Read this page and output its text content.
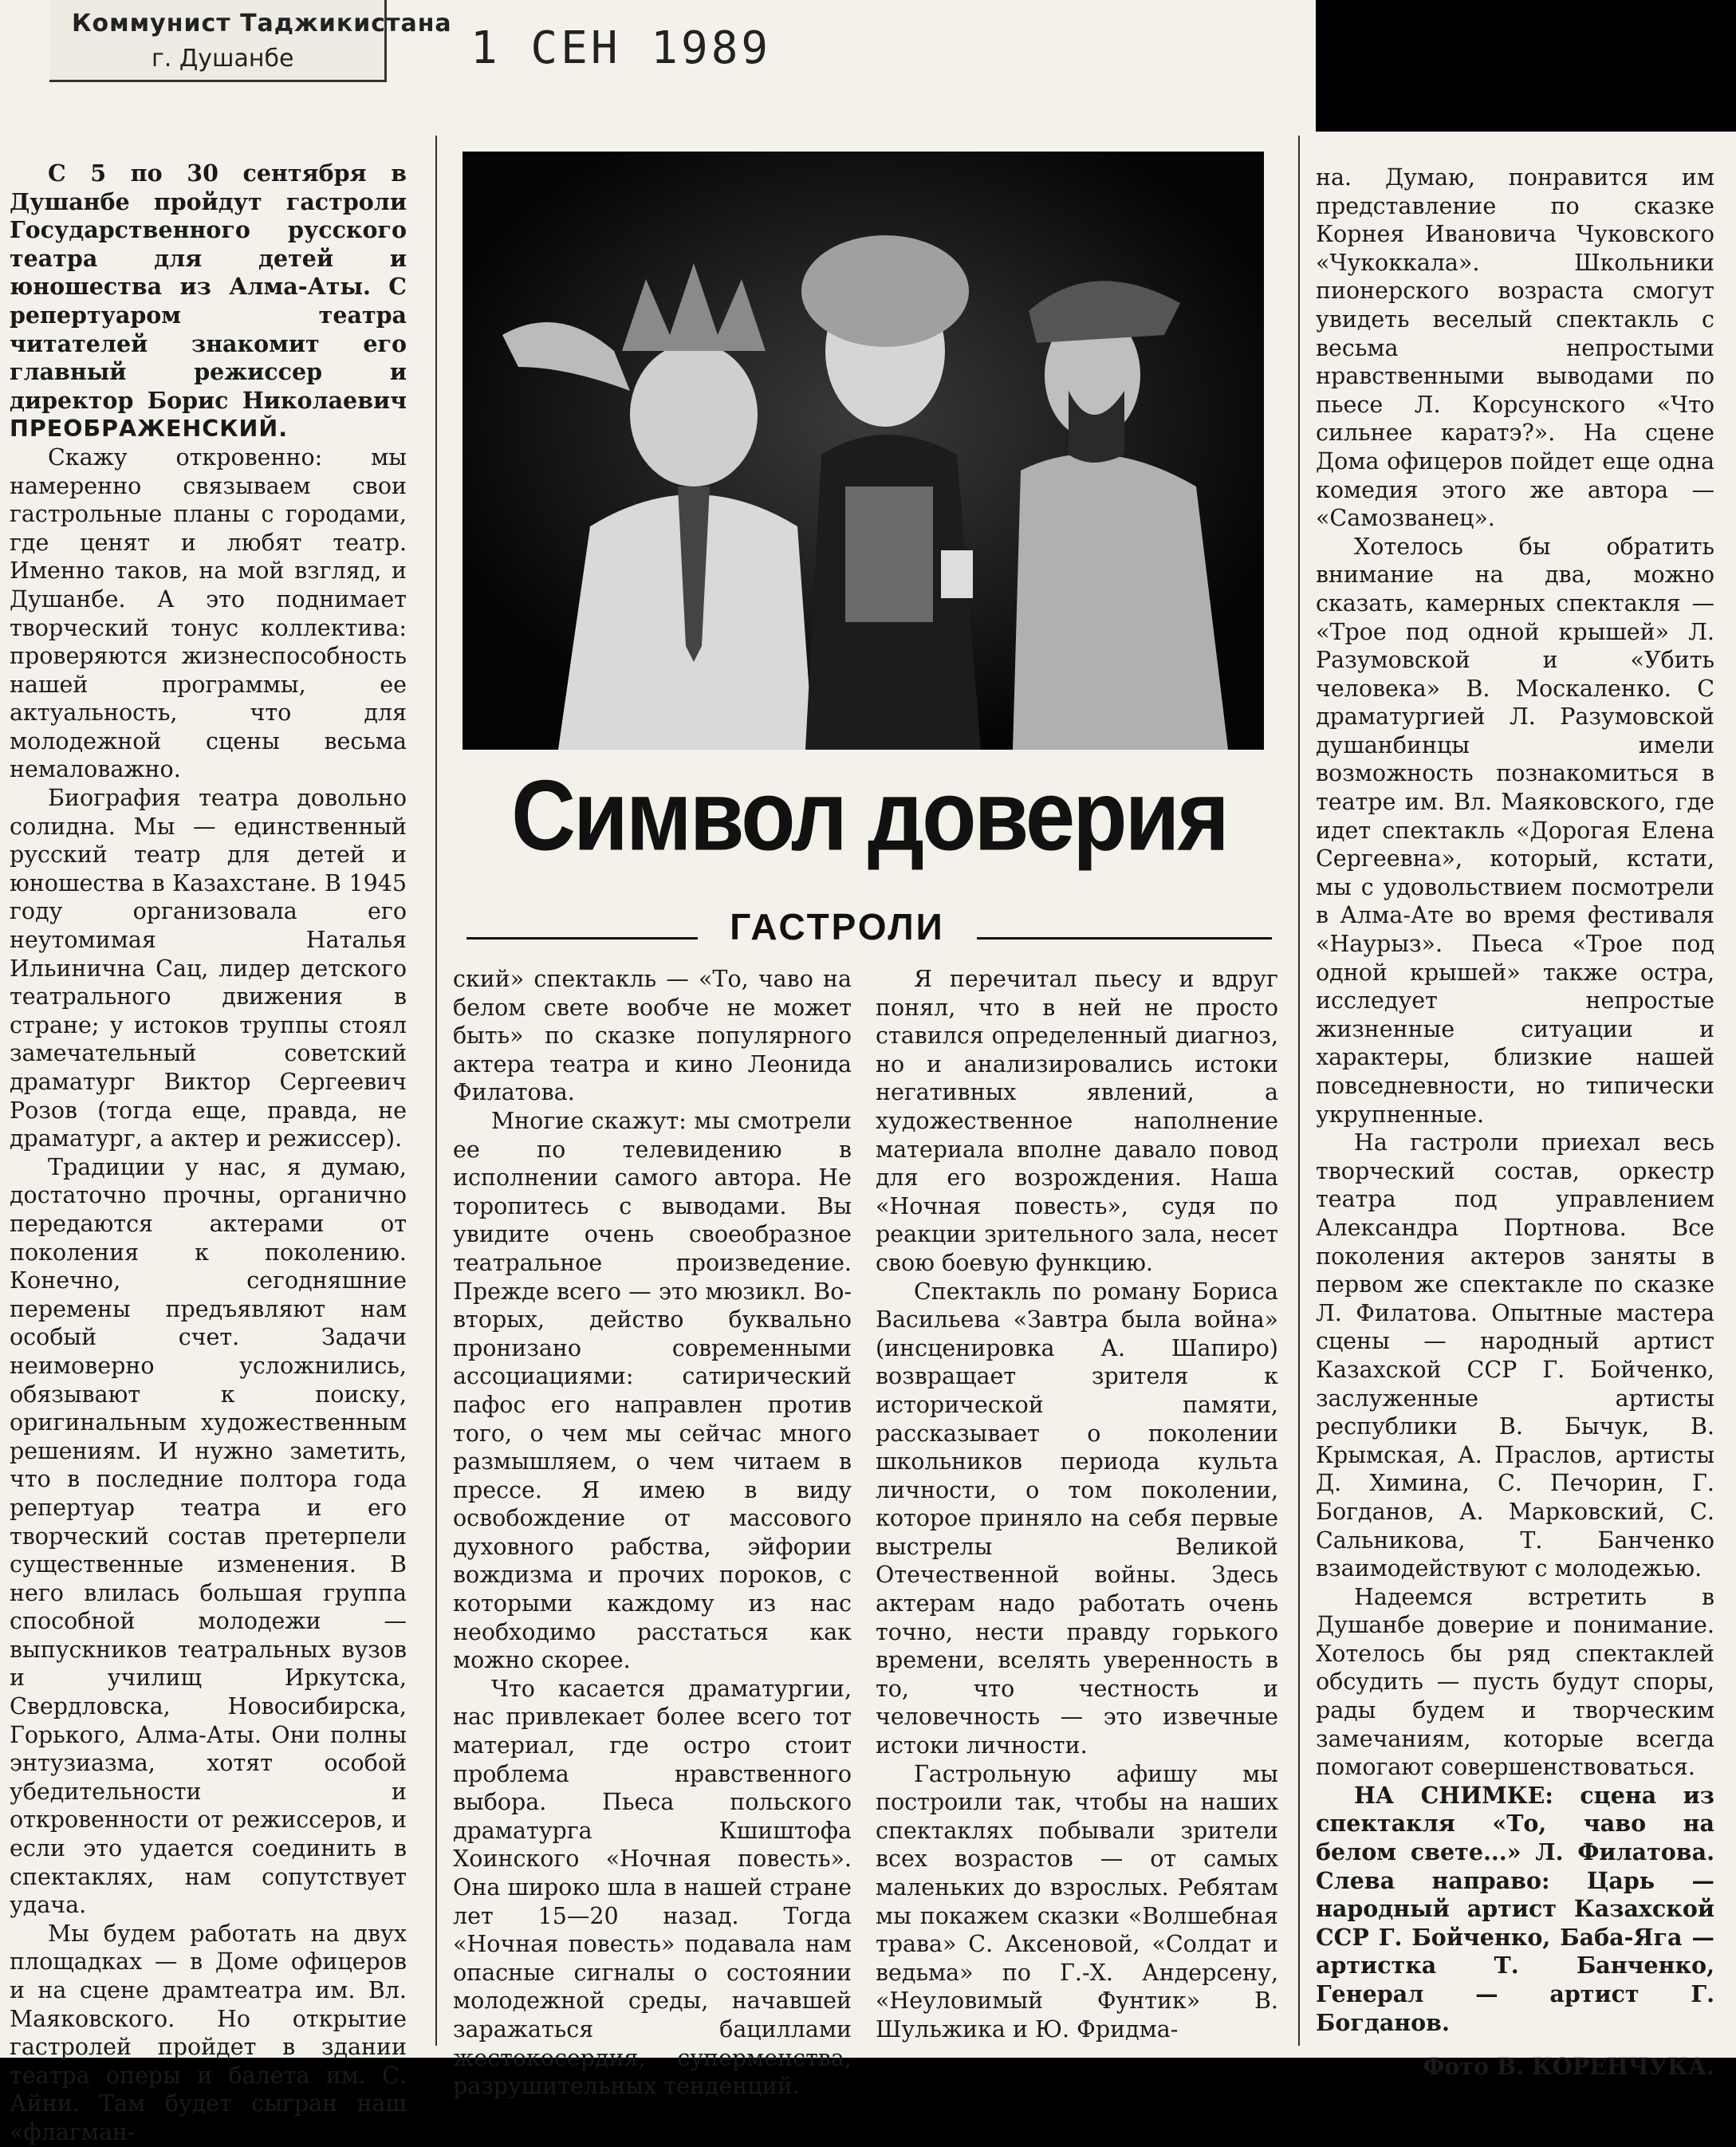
Коммунист Таджикистана
г. Душанбе	1 СЕН 1989

С 5 по 30 сентября в Душанбе пройдут гастроли Государственного русского театра для детей и юношества из Алма-Аты. С репертуаром театра читателей знакомит его главный режиссер и директор Борис Николаевич ПРЕОБРАЖЕНСКИЙ.

Скажу откровенно: мы намеренно связываем свои гастрольные планы с городами, где ценят и любят театр. Именно таков, на мой взгляд, и Душанбе. А это поднимает творческий тонус коллектива: проверяются жизнеспособность нашей программы, ее актуальность, что для молодежной сцены весьма немаловажно.

Биография театра довольно солидна. Мы — единственный русский театр для детей и юношества в Казахстане. В 1945 году организовала его неутомимая Наталья Ильинична Сац, лидер детского театрального движения в стране; у истоков труппы стоял замечательный советский драматург Виктор Сергеевич Розов (тогда еще, правда, не драматург, а актер и режиссер).

Традиции у нас, я думаю, достаточно прочны, органично передаются актерами от поколения к поколению. Конечно, сегодняшние перемены предъявляют нам особый счет. Задачи неимоверно усложнились, обязывают к поиску, оригинальным художественным решениям. И нужно заметить, что в последние полтора года репертуар театра и его творческий состав претерпели существенные изменения. В него влилась большая группа способной молодежи — выпускников театральных вузов и училищ Иркутска, Свердловска, Новосибирска, Горького, Алма-Аты. Они полны энтузиазма, хотят особой убедительности и откровенности от режиссеров, и если это удается соединить в спектаклях, нам сопутствует удача.

Мы будем работать на двух площадках — в Доме офицеров и на сцене драмтеатра им. Вл. Маяковского. Но открытие гастролей пройдет в здании театра оперы и балета им. С. Айни. Там будет сыгран наш «флагман-

Символ доверия
ГАСТРОЛИ

ский» спектакль — «То, чаво на белом свете вообче не может быть» по сказке популярного актера театра и кино Леонида Филатова.

Многие скажут: мы смотрели ее по телевидению в исполнении самого автора. Не торопитесь с выводами. Вы увидите очень своеобразное театральное произведение. Прежде всего — это мюзикл. Во-вторых, действо буквально пронизано современными ассоциациями: сатирический пафос его направлен против того, о чем мы сейчас много размышляем, о чем читаем в прессе. Я имею в виду освобождение от массового духовного рабства, эйфории вождизма и прочих пороков, с которыми каждому из нас необходимо расстаться как можно скорее.

Что касается драматургии, нас привлекает более всего тот материал, где остро стоит проблема нравственного выбора. Пьеса польского драматурга Кшиштофа Хоинского «Ночная повесть». Она широко шла в нашей стране лет 15—20 назад. Тогда «Ночная повесть» подавала нам опасные сигналы о состоянии молодежной среды, начавшей заражаться бациллами жестокосердия, суперменства, разрушительных тенденций.

Я перечитал пьесу и вдруг понял, что в ней не просто ставился определенный диагноз, но и анализировались истоки негативных явлений, а художественное наполнение материала вполне давало повод для его возрождения. Наша «Ночная повесть», судя по реакции зрительного зала, несет свою боевую функцию.

Спектакль по роману Бориса Васильева «Завтра была война» (инсценировка А. Шапиро) возвращает зрителя к исторической памяти, рассказывает о поколении школьников периода культа личности, о том поколении, которое приняло на себя первые выстрелы Великой Отечественной войны. Здесь актерам надо работать очень точно, нести правду горького времени, вселять уверенность в то, что честность и человечность — это извечные истоки личности.

Гастрольную афишу мы построили так, чтобы на наших спектаклях побывали зрители всех возрастов — от самых маленьких до взрослых. Ребятам мы покажем сказки «Волшебная трава» С. Аксеновой, «Солдат и ведьма» по Г.-Х. Андерсену, «Неуловимый Фунтик» В. Шульжика и Ю. Фридма-

на. Думаю, понравится им представление по сказке Корнея Ивановича Чуковского «Чукоккала». Школьники пионерского возраста смогут увидеть веселый спектакль с весьма непростыми нравственными выводами по пьесе Л. Корсунского «Что сильнее каратэ?». На сцене Дома офицеров пойдет еще одна комедия этого же автора — «Самозванец».

Хотелось бы обратить внимание на два, можно сказать, камерных спектакля — «Трое под одной крышей» Л. Разумовской и «Убить человека» В. Москаленко. С драматургией Л. Разумовской душанбинцы имели возможность познакомиться в театре им. Вл. Маяковского, где идет спектакль «Дорогая Елена Сергеевна», который, кстати, мы с удовольствием посмотрели в Алма-Ате во время фестиваля «Наурыз». Пьеса «Трое под одной крышей» также остра, исследует непростые жизненные ситуации и характеры, близкие нашей повседневности, но типически укрупненные.

На гастроли приехал весь творческий состав, оркестр театра под управлением Александра Портнова. Все поколения актеров заняты в первом же спектакле по сказке Л. Филатова. Опытные мастера сцены — народный артист Казахской ССР Г. Бойченко, заслуженные артисты республики В. Бычук, В. Крымская, А. Праслов, артисты Д. Химина, С. Печорин, Г. Богданов, А. Марковский, С. Сальникова, Т. Банченко взаимодействуют с молодежью.

Надеемся встретить в Душанбе доверие и понимание. Хотелось бы ряд спектаклей обсудить — пусть будут споры, рады будем и творческим замечаниям, которые всегда помогают совершенствоваться.

НА СНИМКЕ: сцена из спектакля «То, чаво на белом свете...» Л. Филатова. Слева направо: Царь — народный артист Казахской ССР Г. Бойченко, Баба-Яга — артистка Т. Банченко, Генерал — артист Г. Богданов.

Фото В. КОРЕНЧУКА.
